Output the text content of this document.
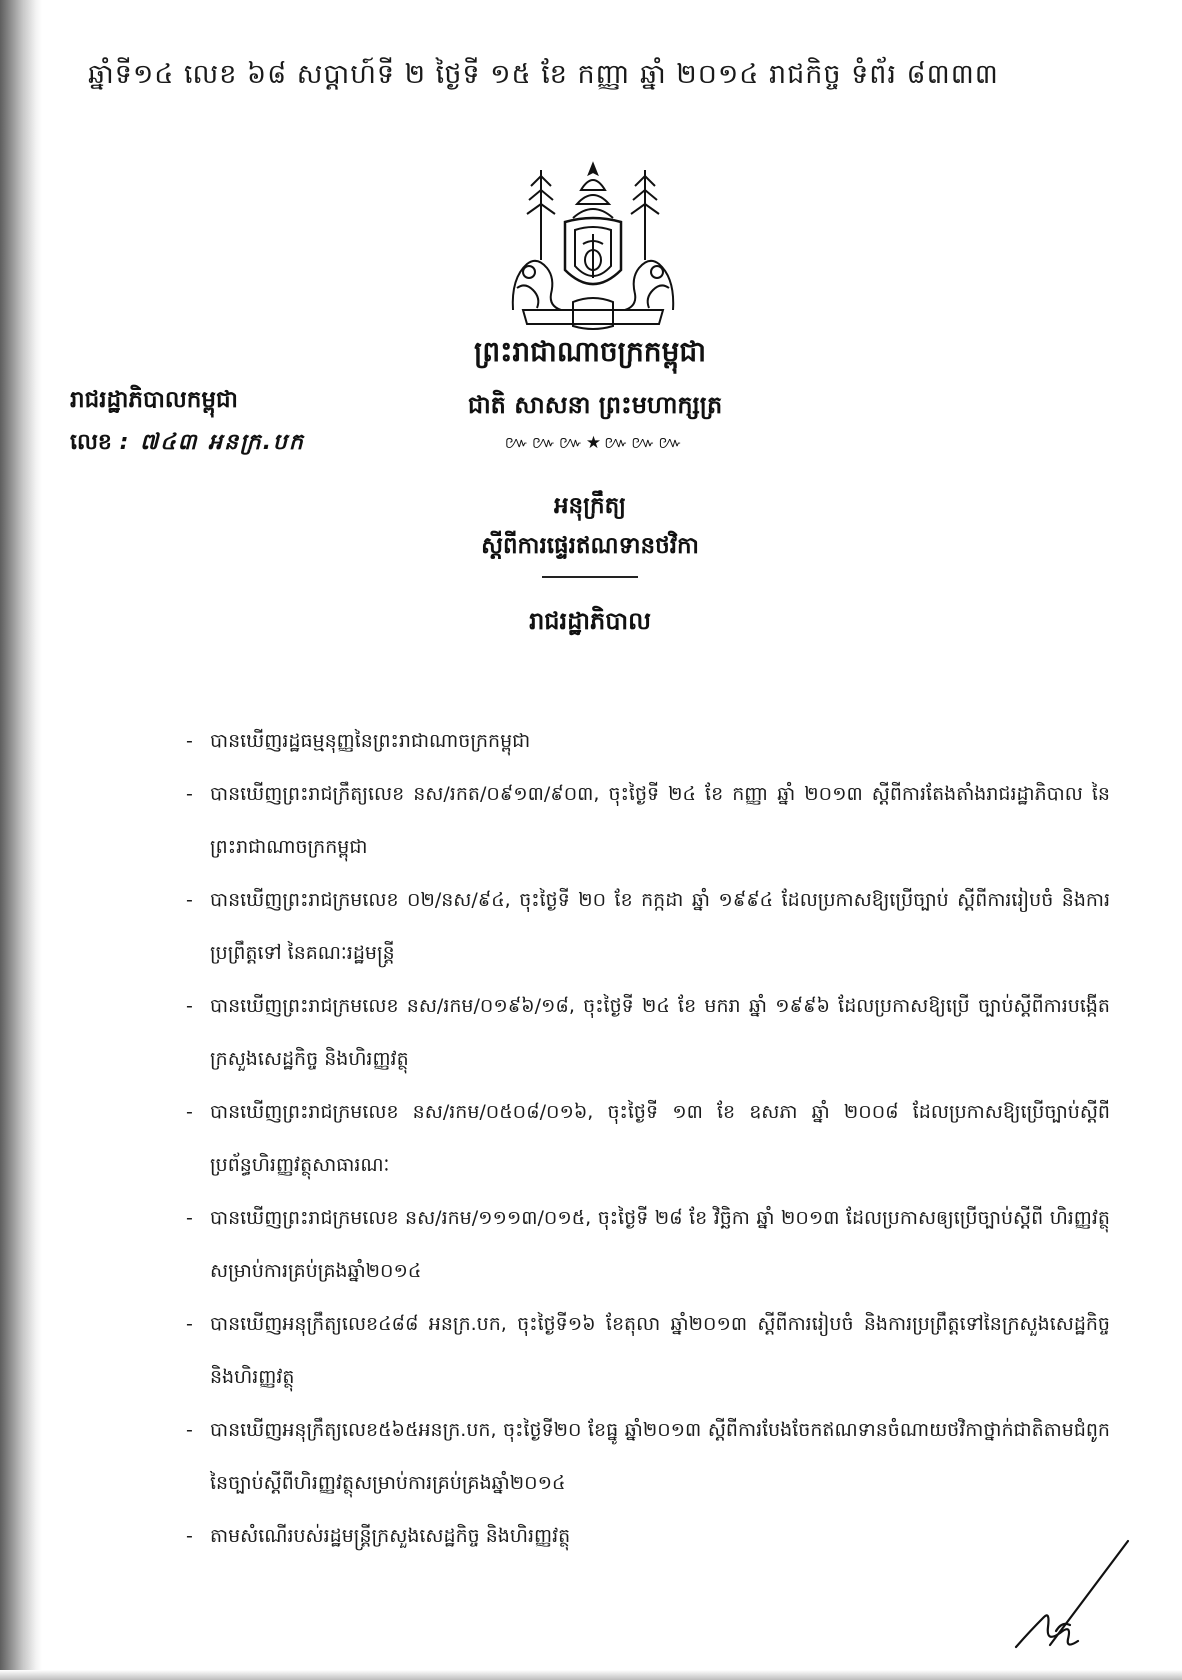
ឆ្នាំទី១៤ លេខ ៦៨ សប្តាហ៍ទី ២ ថ្ងៃទី ១៥ ខែ កញ្ញា ឆ្នាំ ២០១៤ រាជកិច្ច ទំព័រ ៨៣៣៣
ព្រះរាជាណាចក្រកម្ពុជា
ជាតិ សាសនា ព្រះមហាក្សត្រ
៚៚៚★៚៚៚
រាជរដ្ឋាភិបាលកម្ពុជា
លេខ : ៧៤៣ អនក្រ.បក
អនុក្រឹត្យ
ស្តីពីការផ្ទេរឥណទានថវិកា
រាជរដ្ឋាភិបាល
- បានឃើញរដ្ឋធម្មនុញ្ញនៃព្រះរាជាណាចក្រកម្ពុជា
- បានឃើញព្រះរាជក្រឹត្យលេខ នស/រកត/០៩១៣/៩០៣, ចុះថ្ងៃទី ២៤ ខែ កញ្ញា ឆ្នាំ ២០១៣ ស្តីពីការតែងតាំងរាជរដ្ឋាភិបាល នៃព្រះរាជាណាចក្រកម្ពុជា
- បានឃើញព្រះរាជក្រមលេខ ០២/នស/៩៤, ចុះថ្ងៃទី ២០ ខែ កក្កដា ឆ្នាំ ១៩៩៤ ដែលប្រកាសឱ្យប្រើច្បាប់ ស្តីពីការរៀបចំ និងការប្រព្រឹត្តទៅ នៃគណៈរដ្ឋមន្ត្រី
- បានឃើញព្រះរាជក្រមលេខ នស/រកម/០១៩៦/១៨, ចុះថ្ងៃទី ២៤ ខែ មករា ឆ្នាំ ១៩៩៦ ដែលប្រកាសឱ្យប្រើ ច្បាប់ស្តីពីការបង្កើតក្រសួងសេដ្ឋកិច្ច និងហិរញ្ញវត្ថុ
- បានឃើញព្រះរាជក្រមលេខ នស/រកម/០៥០៨/០១៦, ចុះថ្ងៃទី ១៣ ខែ ឧសភា ឆ្នាំ ២០០៨ ដែលប្រកាសឱ្យប្រើច្បាប់ស្តីពីប្រព័ន្ធហិរញ្ញវត្ថុសាធារណៈ
- បានឃើញព្រះរាជក្រមលេខ នស/រកម/១១១៣/០១៥, ចុះថ្ងៃទី ២៨ ខែ វិច្ឆិកា ឆ្នាំ ២០១៣ ដែលប្រកាសឲ្យប្រើច្បាប់ស្តីពី ហិរញ្ញវត្ថុសម្រាប់ការគ្រប់គ្រងឆ្នាំ២០១៤
- បានឃើញអនុក្រឹត្យលេខ៤៨៨ អនក្រ.បក, ចុះថ្ងៃទី១៦ ខែតុលា ឆ្នាំ២០១៣ ស្តីពីការរៀបចំ និងការប្រព្រឹត្តទៅនៃក្រសួងសេដ្ឋកិច្ច និងហិរញ្ញវត្ថុ
- បានឃើញអនុក្រឹត្យលេខ៥៦៥អនក្រ.បក, ចុះថ្ងៃទី២០ ខែធ្នូ ឆ្នាំ២០១៣ ស្តីពីការបែងចែកឥណទានចំណាយថវិកាថ្នាក់ជាតិតាមជំពូកនៃច្បាប់ស្តីពីហិរញ្ញវត្ថុសម្រាប់ការគ្រប់គ្រងឆ្នាំ២០១៤
- តាមសំណើរបស់រដ្ឋមន្ត្រីក្រសួងសេដ្ឋកិច្ច និងហិរញ្ញវត្ថុ
